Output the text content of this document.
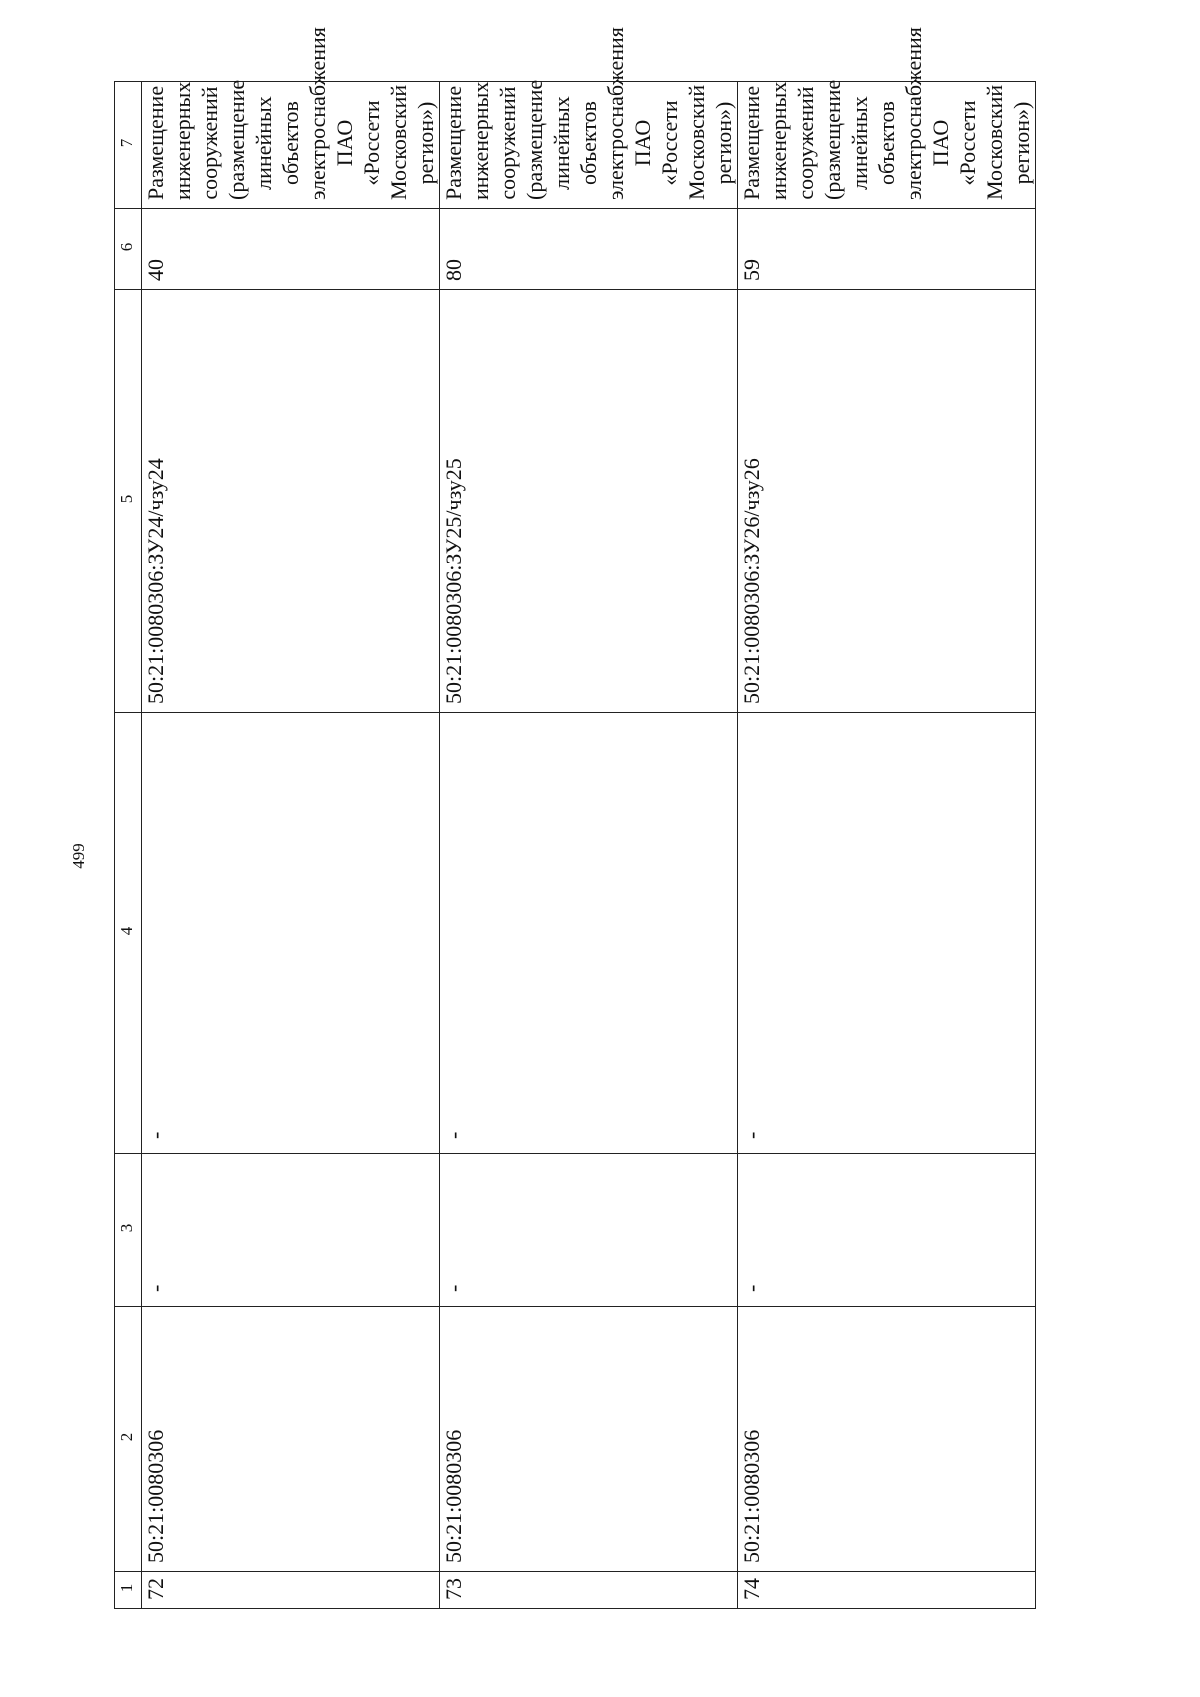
499
1	2	3	4	5	6	7
72	50:21:0080306	-	-	50:21:0080306:ЗУ24/чзу24	40	Размещение инженерных сооружений (размещение линейных объектов электроснабжения ПАО «Россети Московский регион»)
73	50:21:0080306	-	-	50:21:0080306:ЗУ25/чзу25	80	Размещение инженерных сооружений (размещение линейных объектов электроснабжения ПАО «Россети Московский регион»)
74	50:21:0080306	-	-	50:21:0080306:ЗУ26/чзу26	59	Размещение инженерных сооружений (размещение линейных объектов электроснабжения ПАО «Россети Московский регион»)
